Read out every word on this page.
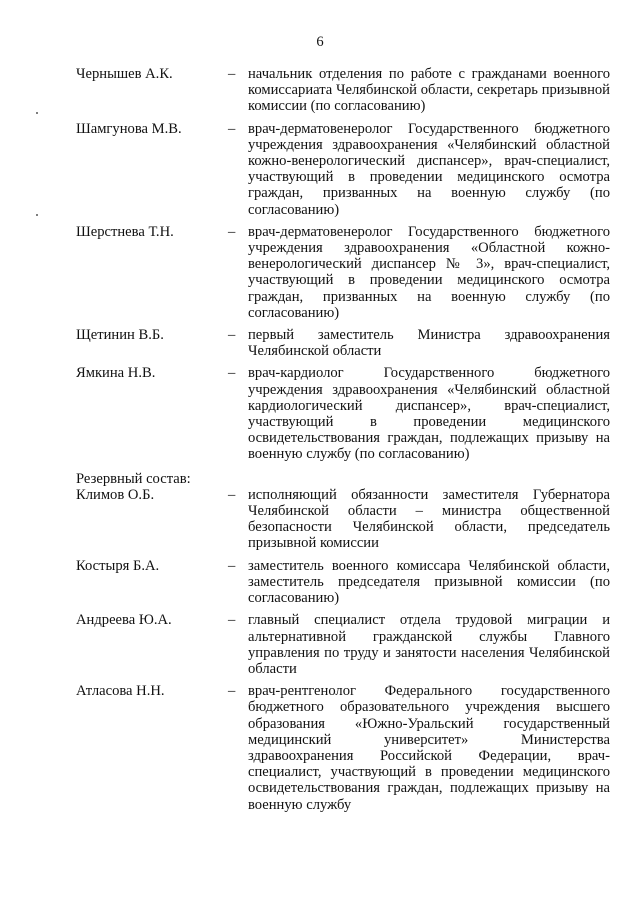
6
Чернышев А.К.	– начальник отделения по работе с гражданами военного комиссариата Челябинской области, секретарь призывной комиссии (по согласованию)
Шамгунова М.В.	– врач-дерматовенеролог Государственного бюджетного учреждения здравоохранения «Челябинский областной кожно-венерологический диспансер», врач-специалист, участвующий в проведении медицинского осмотра граждан, призванных на военную службу (по согласованию)
Шерстнева Т.Н.	– врач-дерматовенеролог Государственного бюджетного учреждения здравоохранения «Областной кожно-венерологический диспансер № 3», врач-специалист, участвующий в проведении медицинского осмотра граждан, призванных на военную службу (по согласованию)
Щетинин В.Б.	– первый заместитель Министра здравоохранения Челябинской области
Ямкина Н.В.	– врач-кардиолог Государственного бюджетного учреждения здравоохранения «Челябинский областной кардиологический диспансер», врач-специалист, участвующий в проведении медицинского освидетельствования граждан, подлежащих призыву на военную службу (по согласованию)
Резервный состав:
Климов О.Б.	– исполняющий обязанности заместителя Губернатора Челябинской области – министра общественной безопасности Челябинской области, председатель призывной комиссии
Костыря Б.А.	– заместитель военного комиссара Челябинской области, заместитель председателя призывной комиссии (по согласованию)
Андреева Ю.А.	– главный специалист отдела трудовой миграции и альтернативной гражданской службы Главного управления по труду и занятости населения Челябинской области
Атласова Н.Н.	– врач-рентгенолог Федерального государственного бюджетного образовательного учреждения высшего образования «Южно-Уральский государственный медицинский университет» Министерства здравоохранения Российской Федерации, врач-специалист, участвующий в проведении медицинского освидетельствования граждан, подлежащих призыву на военную службу
